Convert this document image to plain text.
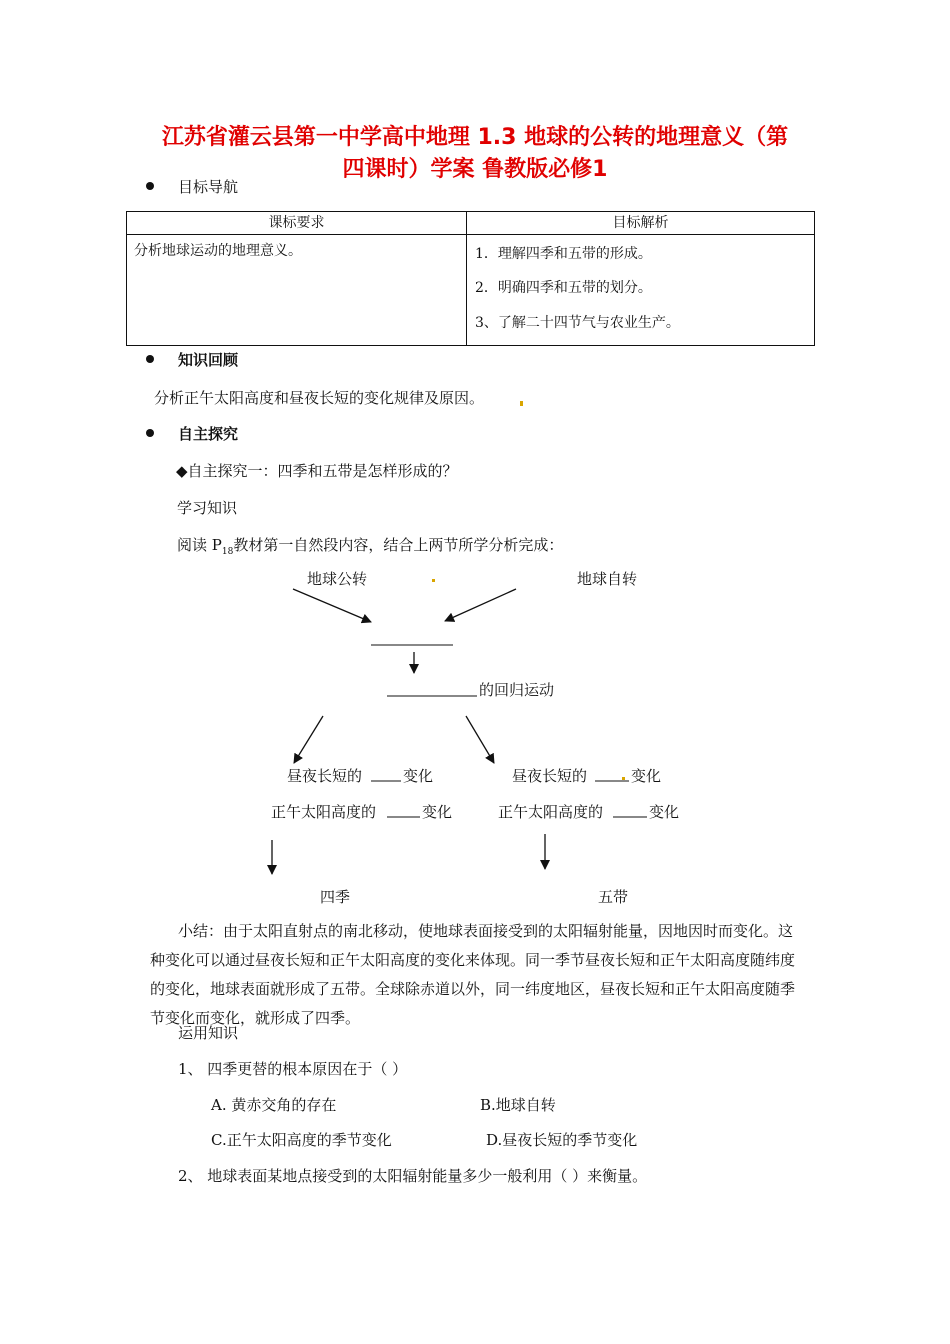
江苏省灌云县第一中学高中地理 1.3 地球的公转的地理意义（第
四课时）学案 鲁教版必修1
目标导航
课标要求	目标解析

分析地球运动的地理意义。	1．理解四季和五带的形成。
2．明确四季和五带的划分。
3、了解二十四节气与农业生产。
知识回顾
分析正午太阳高度和昼夜长短的变化规律及原因。
自主探究
◆自主探究一：四季和五带是怎样形成的？
学习知识
阅读 $P_{18}$教材第一自然段内容，结合上两节所学分析完成：
地球公转	地球自转
的回归运动
昼夜长短的	变化
正午太阳高度的	变化
昼夜长短的	变化
正午太阳高度的	变化
四季	五带
小结：由于太阳直射点的南北移动，使地球表面接受到的太阳辐射能量，因地因时而变化。这种变化可以通过昼夜长短和正午太阳高度的变化来体现。同一季节昼夜长短和正午太阳高度随纬度的变化，地球表面就形成了五带。全球除赤道以外，同一纬度地区，昼夜长短和正午太阳高度随季节变化而变化，就形成了四季。
运用知识
1、 四季更替的根本原因在于（ ）
A. 黄赤交角的存在	B.地球自转
C.正午太阳高度的季节变化	D.昼夜长短的季节变化
2、 地球表面某地点接受到的太阳辐射能量多少一般利用（ ）来衡量。
